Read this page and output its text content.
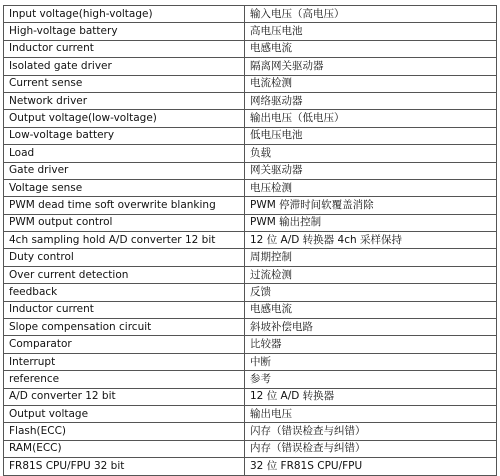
Input voltage(high-voltage)	输入电压（高电压）
High-voltage battery	高电压电池
Inductor current	电感电流
Isolated gate driver	隔离网关驱动器
Current sense	电流检测
Network driver	网络驱动器
Output voltage(low-voltage)	输出电压（低电压）
Low-voltage battery	低电压电池
Load	负载
Gate driver	网关驱动器
Voltage sense	电压检测
PWM dead time soft overwrite blanking	PWM 停滞时间软覆盖消除
PWM output control	PWM 输出控制
4ch sampling hold A/D converter 12 bit	12 位 A/D 转换器 4ch 采样保持
Duty control	周期控制
Over current detection	过流检测
feedback	反馈
Inductor current	电感电流
Slope compensation circuit	斜坡补偿电路
Comparator	比较器
Interrupt	中断
reference	参考
A/D converter 12 bit	12 位 A/D 转换器
Output voltage	输出电压
Flash(ECC)	闪存（错误检查与纠错）
RAM(ECC)	内存（错误检查与纠错）
FR81S CPU/FPU 32 bit	32 位 FR81S CPU/FPU
